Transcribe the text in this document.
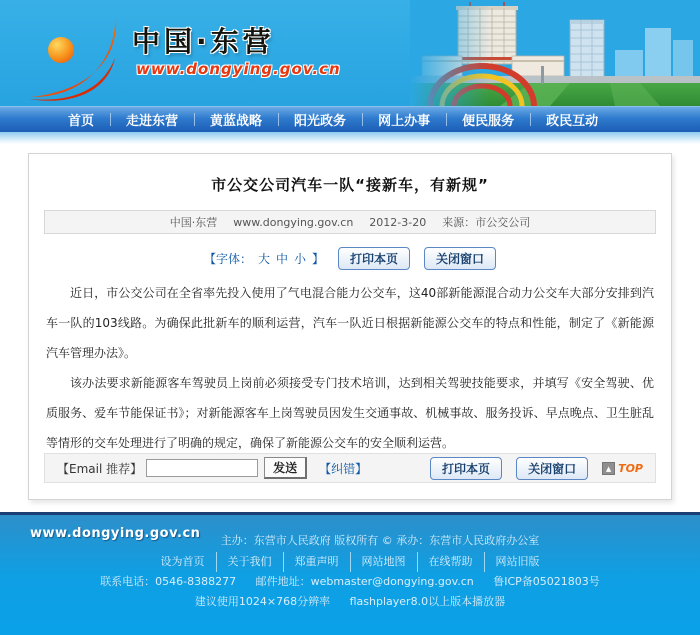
中国·东营
www.dongying.gov.cn
首页	走进东营	黄蓝战略	阳光政务	网上办事	便民服务	政民互动
市公交公司汽车一队“接新车，有新规”
中国·东营 www.dongying.gov.cn 2012-3-20 来源：市公交公司
【字体： 大 中 小 】	打印本页	关闭窗口

近日，市公交公司在全省率先投入使用了气电混合能力公交车，这40部新能源混合动力公交车大部分安排到汽车一队的103线路。为确保此批新车的顺利运营，汽车一队近日根据新能源公交车的特点和性能，制定了《新能源汽车管理办法》。

该办法要求新能源客车驾驶员上岗前必须接受专门技术培训，达到相关驾驶技能要求，并填写《安全驾驶、优质服务、爱车节能保证书》；对新能源客车上岗驾驶员因发生交通事故、机械事故、服务投诉、早点晚点、卫生脏乱等情形的交车处理进行了明确的规定，确保了新能源公交车的安全顺利运营。

【Email 推荐】	发送	【纠错】	打印本页	关闭窗口	▲ TOP
www.dongying.gov.cn	主办：东营市人民政府 版权所有 © 承办：东营市人民政府办公室
设为首页 关于我们 郑重声明 网站地图 在线帮助 网站旧版
联系电话：0546-8388277 邮件地址：webmaster@dongying.gov.cn 鲁ICP备05021803号
建议使用1024×768分辨率 flashplayer8.0以上版本播放器
